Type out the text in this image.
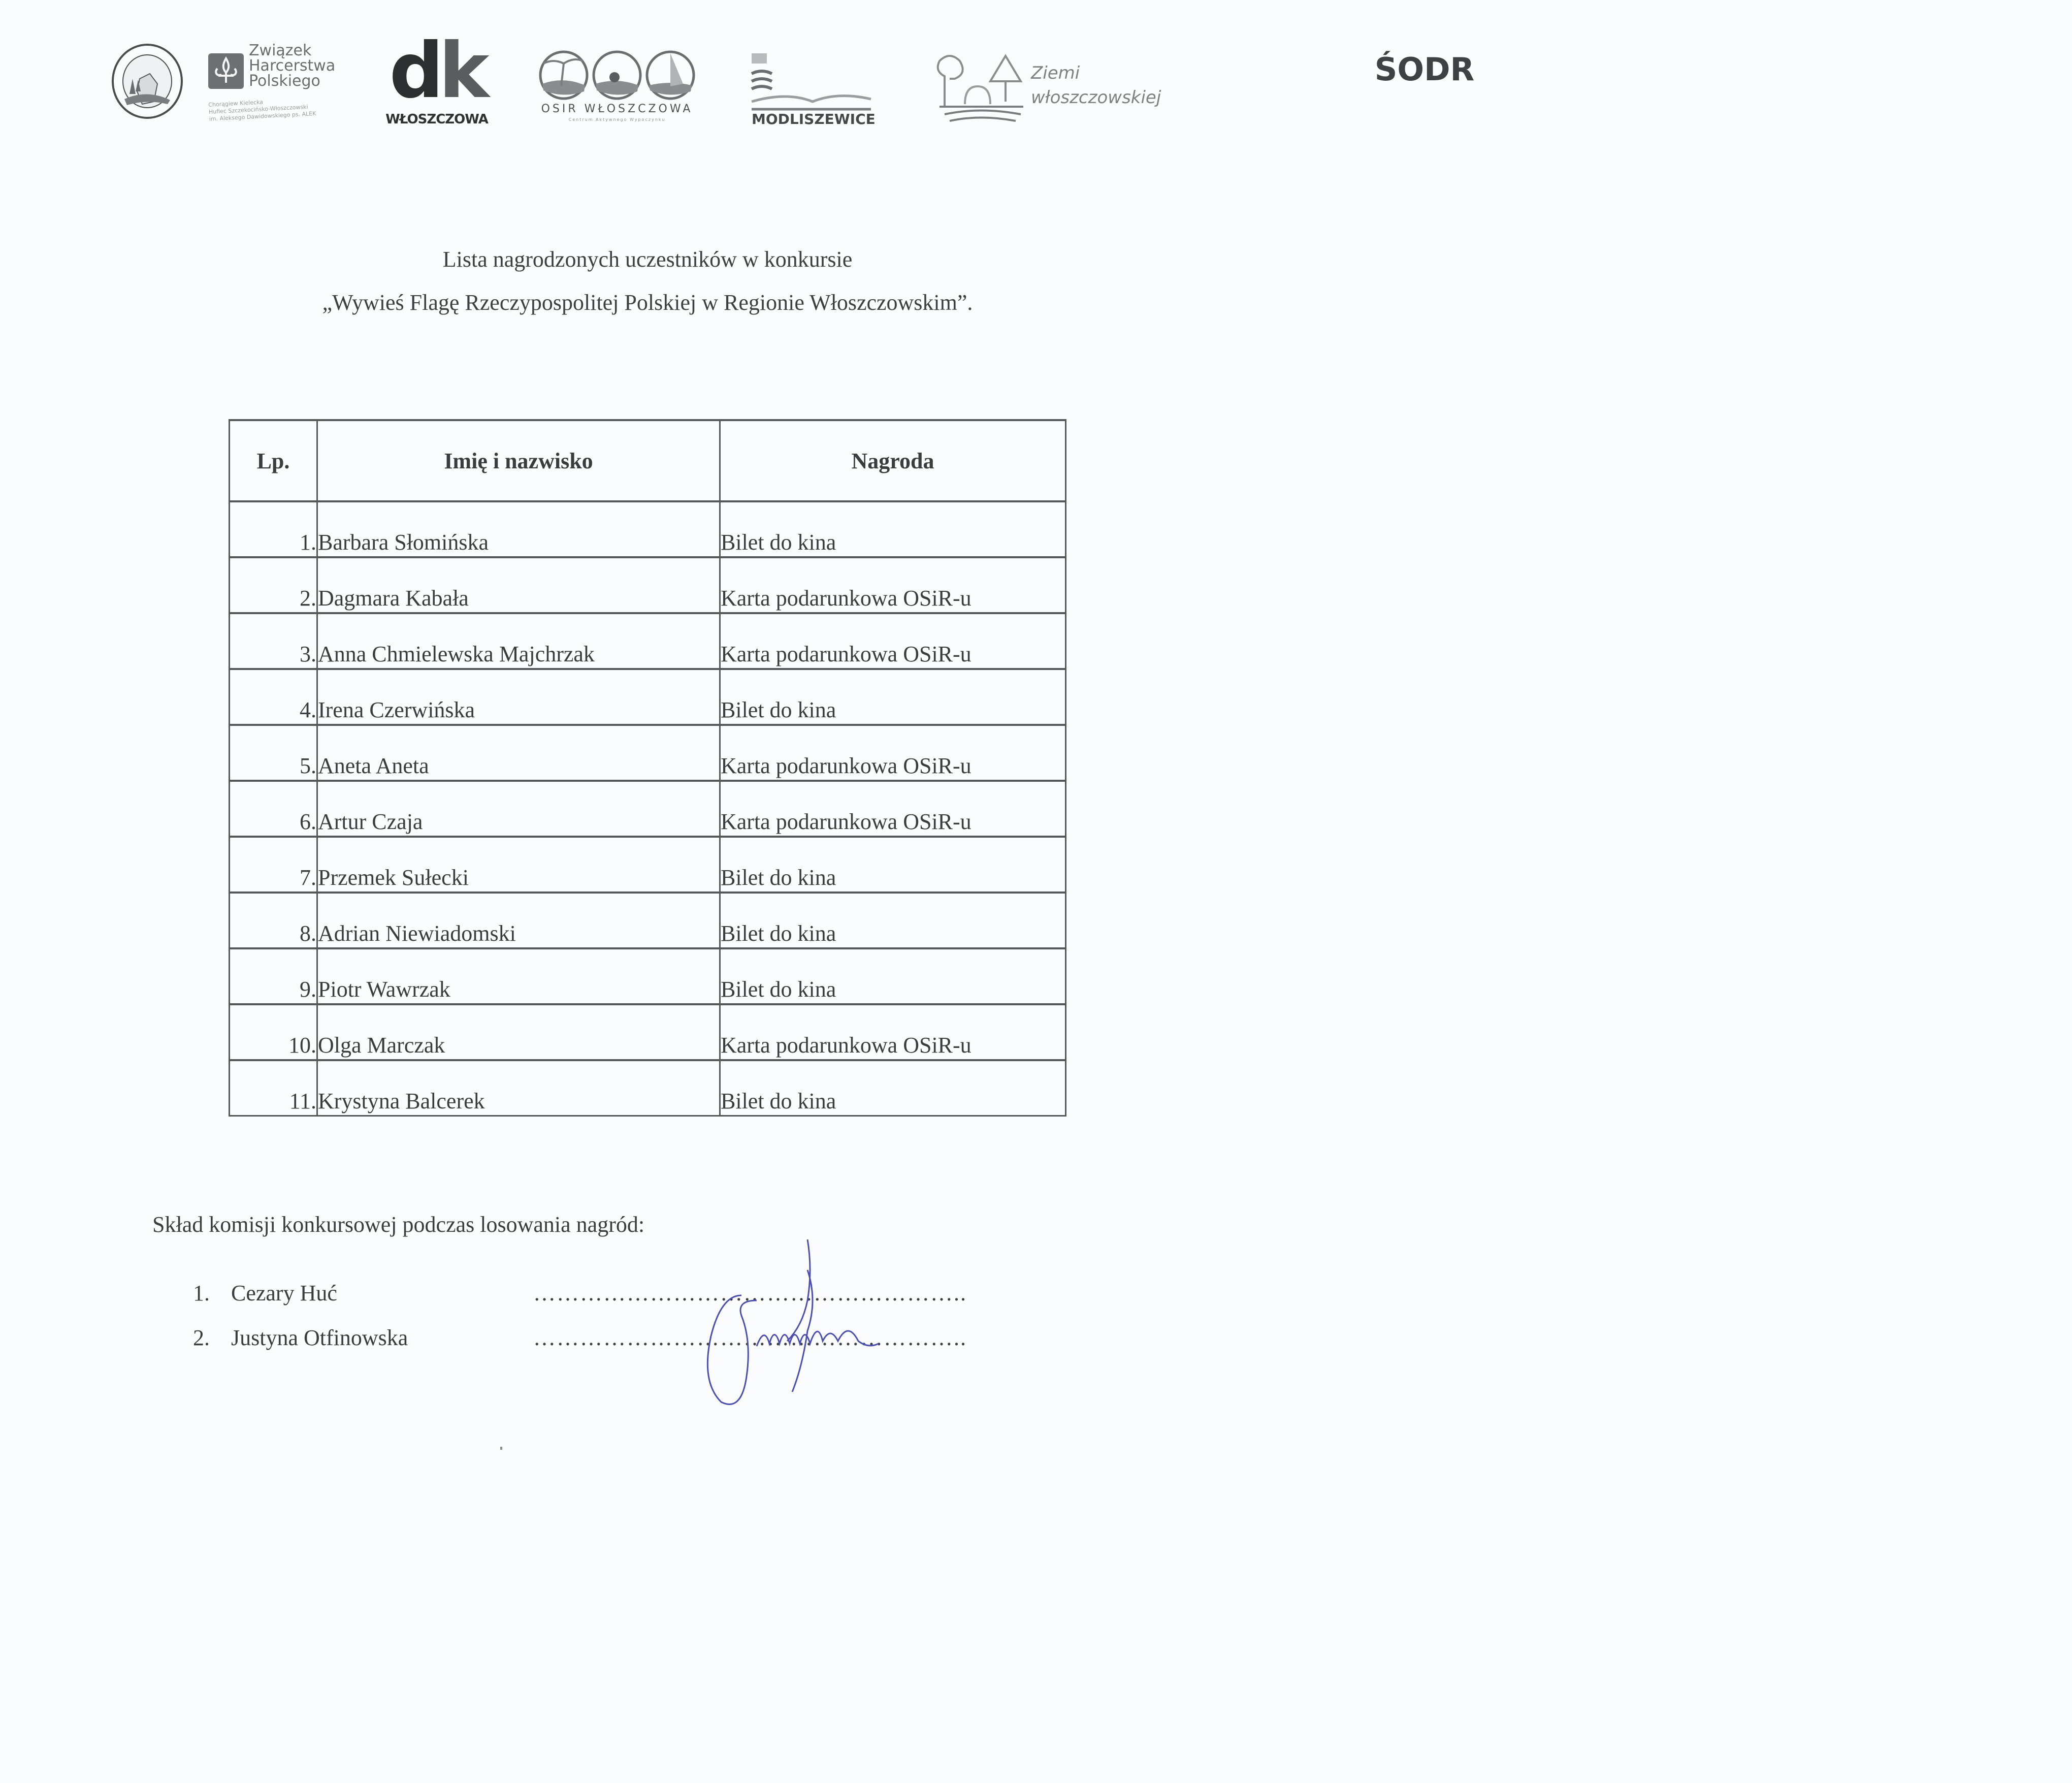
Związek
Harcerstwa
Polskiego
Chorągiew Kielecka
Hufiec Szczekocińsko-Włoszczowski
im. Aleksego Dawidowskiego ps. ALEK
dk
WŁOSZCZOWA
OSIR WŁOSZCZOWA
Centrum Aktywnego Wypoczynku
ŚODR
MODLISZEWICE
Ziemi
włoszczowskiej
Lista nagrodzonych uczestników w konkursie
„Wywieś Flagę Rzeczypospolitej Polskiej w Regionie Włoszczowskim”.
Lp.	Imię i nazwisko	Nagroda
1.	Barbara Słomińska	Bilet do kina
2.	Dagmara Kabała	Karta podarunkowa OSiR-u
3.	Anna Chmielewska Majchrzak	Karta podarunkowa OSiR-u
4.	Irena Czerwińska	Bilet do kina
5.	Aneta Aneta	Karta podarunkowa OSiR-u
6.	Artur Czaja	Karta podarunkowa OSiR-u
7.	Przemek Sułecki	Bilet do kina
8.	Adrian Niewiadomski	Bilet do kina
9.	Piotr Wawrzak	Bilet do kina
10.	Olga Marczak	Karta podarunkowa OSiR-u
11.	Krystyna Balcerek	Bilet do kina
Skład komisji konkursowej podczas losowania nagród:
1. Cezary Huć	………………………………………………..
2. Justyna Otfinowska	………………………………………………..
